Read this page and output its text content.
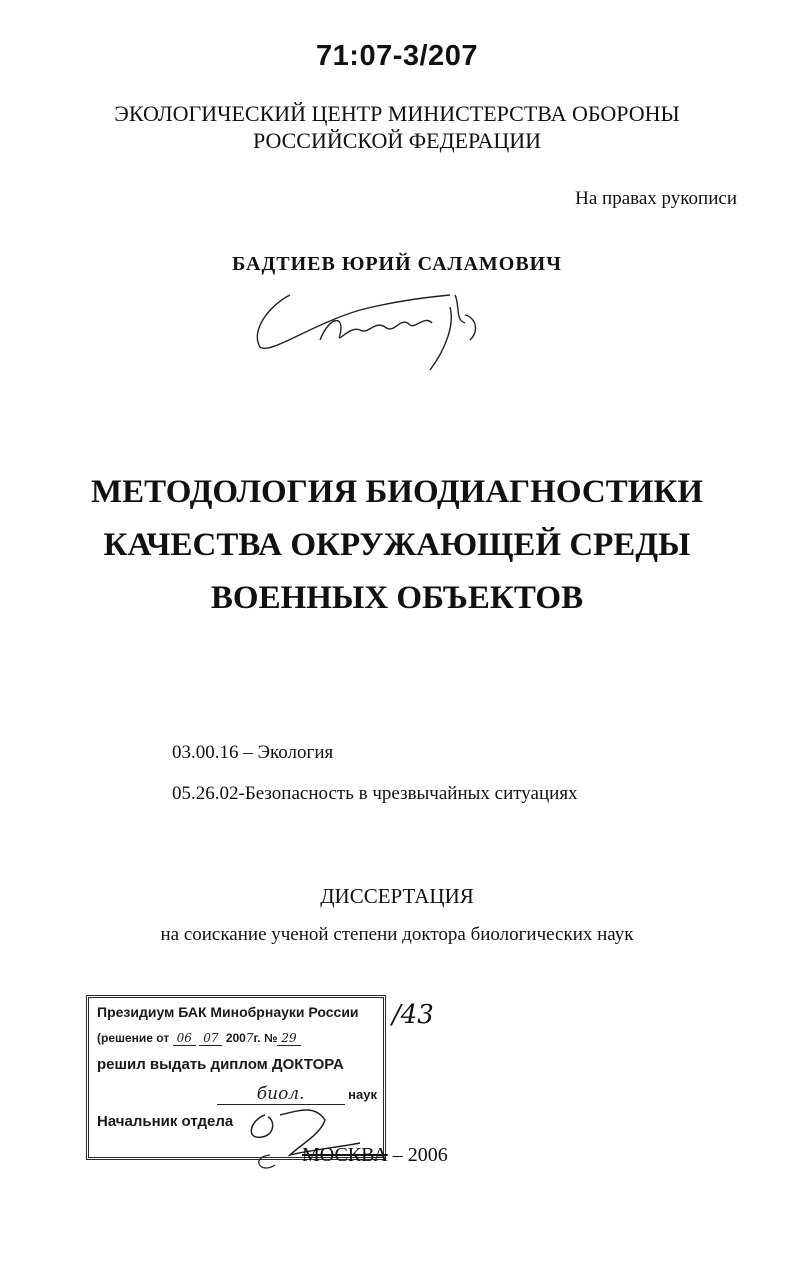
71:07-3/207
ЭКОЛОГИЧЕСКИЙ ЦЕНТР МИНИСТЕРСТВА ОБОРОНЫ
РОССИЙСКОЙ ФЕДЕРАЦИИ
На правах рукописи
БАДТИЕВ ЮРИЙ САЛАМОВИЧ
МЕТОДОЛОГИЯ БИОДИАГНОСТИКИ
КАЧЕСТВА ОКРУЖАЮЩЕЙ СРЕДЫ
ВОЕННЫХ ОБЪЕКТОВ
03.00.16 – Экология
05.26.02-Безопасность в чрезвычайных ситуациях
ДИССЕРТАЦИЯ
на соискание ученой степени доктора биологических наук
Президиум БАК Минобрнауки России
(решение от 06 07 2007г. № 29
решил выдать диплом ДОКТОРА
биол.	наук
Начальник отдела
/43
МОСКВА – 2006
